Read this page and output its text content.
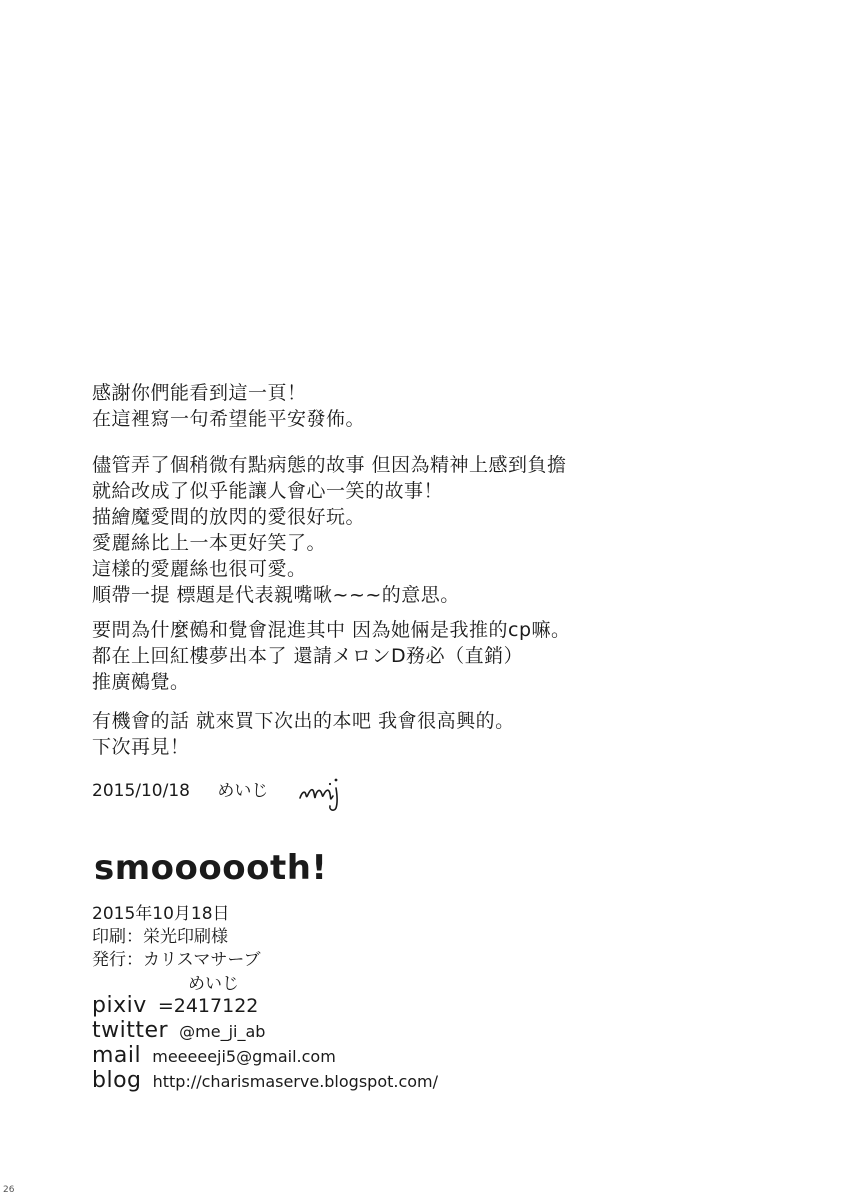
感謝你們能看到這一頁！
在這裡寫一句希望能平安發佈。
儘管弄了個稍微有點病態的故事 但因為精神上感到負擔
就給改成了似乎能讓人會心一笑的故事！
描繪魔愛間的放閃的愛很好玩。
愛麗絲比上一本更好笑了。
這樣的愛麗絲也很可愛。
順帶一提 標題是代表親嘴啾~~~的意思。
要問為什麼鵺和覺會混進其中 因為她倆是我推的cp嘛。
都在上回紅樓夢出本了 還請メロンD務必（直銷）
推廣鵺覺。
有機會的話 就來買下次出的本吧 我會很高興的。
下次再見！
2015/10/18 めいじ
smoooooth!
2015年10月18日
印刷：栄光印刷様
発行：カリスマサーブ
めいじ
pixiv =2417122
twitter @me_ji_ab
mail meeeeeji5@gmail.com
blog http://charismaserve.blogspot.com/
26
